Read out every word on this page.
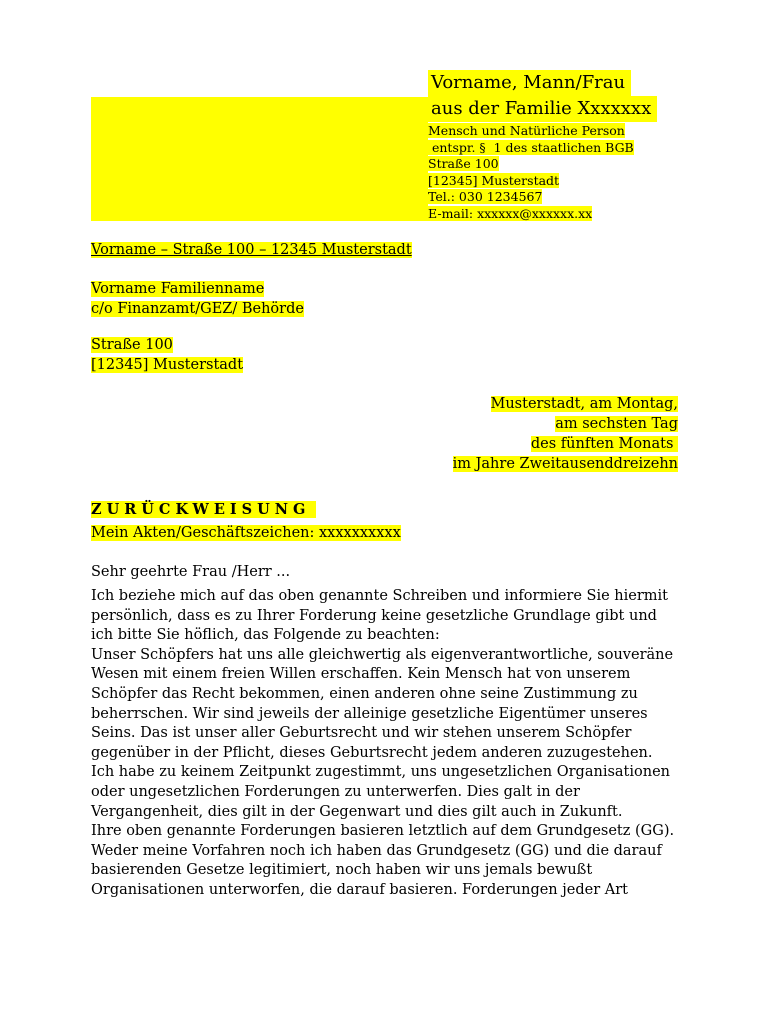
Vorname, Mann/Frau
aus der Familie Xxxxxxx
Mensch und Natürliche Person
entspr. §  1 des staatlichen BGB
Straße 100
[12345] Musterstadt
Tel.: 030 1234567
E-mail: xxxxxx@xxxxxx.xx
Vorname – Straße 100 – 12345 Musterstadt
Vorname Familienname
c/o Finanzamt/GEZ/ Behörde
Straße 100
[12345] Musterstadt
Musterstadt, am Montag,
am sechsten Tag
des fünften Monats
im Jahre Zweitausenddreizehn
ZURÜCKWEISUNG
Mein Akten/Geschäftszeichen: xxxxxxxxxx
Sehr geehrte Frau /Herr ...

Ich beziehe mich auf das oben genannte Schreiben und informiere Sie hiermit persönlich, dass es zu Ihrer Forderung keine gesetzliche Grundlage gibt und ich bitte Sie höflich, das Folgende zu beachten:

Unser Schöpfers hat uns alle gleichwertig als eigenverantwortliche, souveräne Wesen mit einem freien Willen erschaffen. Kein Mensch hat von unserem Schöpfer das Recht bekommen, einen anderen ohne seine Zustimmung zu beherrschen. Wir sind jeweils der alleinige gesetzliche Eigentümer unseres Seins. Das ist unser aller Geburtsrecht und wir stehen unserem Schöpfer gegenüber in der Pflicht, dieses Geburtsrecht jedem anderen zuzugestehen.

Ich habe zu keinem Zeitpunkt zugestimmt, uns ungesetzlichen Organisationen oder ungesetzlichen Forderungen zu unterwerfen. Dies galt in der Vergangenheit, dies gilt in der Gegenwart und dies gilt auch in Zukunft.

Ihre oben genannte Forderungen basieren letztlich auf dem Grundgesetz (GG). Weder meine Vorfahren noch ich haben das Grundgesetz (GG) und die darauf basierenden Gesetze legitimiert, noch haben wir uns jemals bewußt Organisationen unterworfen, die darauf basieren. Forderungen jeder Art
